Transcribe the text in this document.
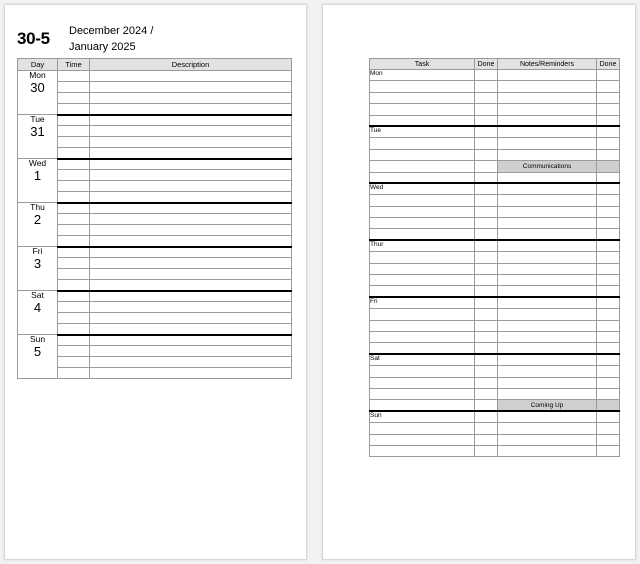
30-5 December 2024 /
January 2025
Day	Time	Description

Mon
30		

Tue
31		

Wed
1		

Thu
2		

Fri
3		

Sat
4		

Sun
5		

Task	Done	Notes/Reminders	Done
Mon			

Tue			

		Communications	

Wed			

Thur			

Fri			

Sat			

		Coming Up	
Sun			
